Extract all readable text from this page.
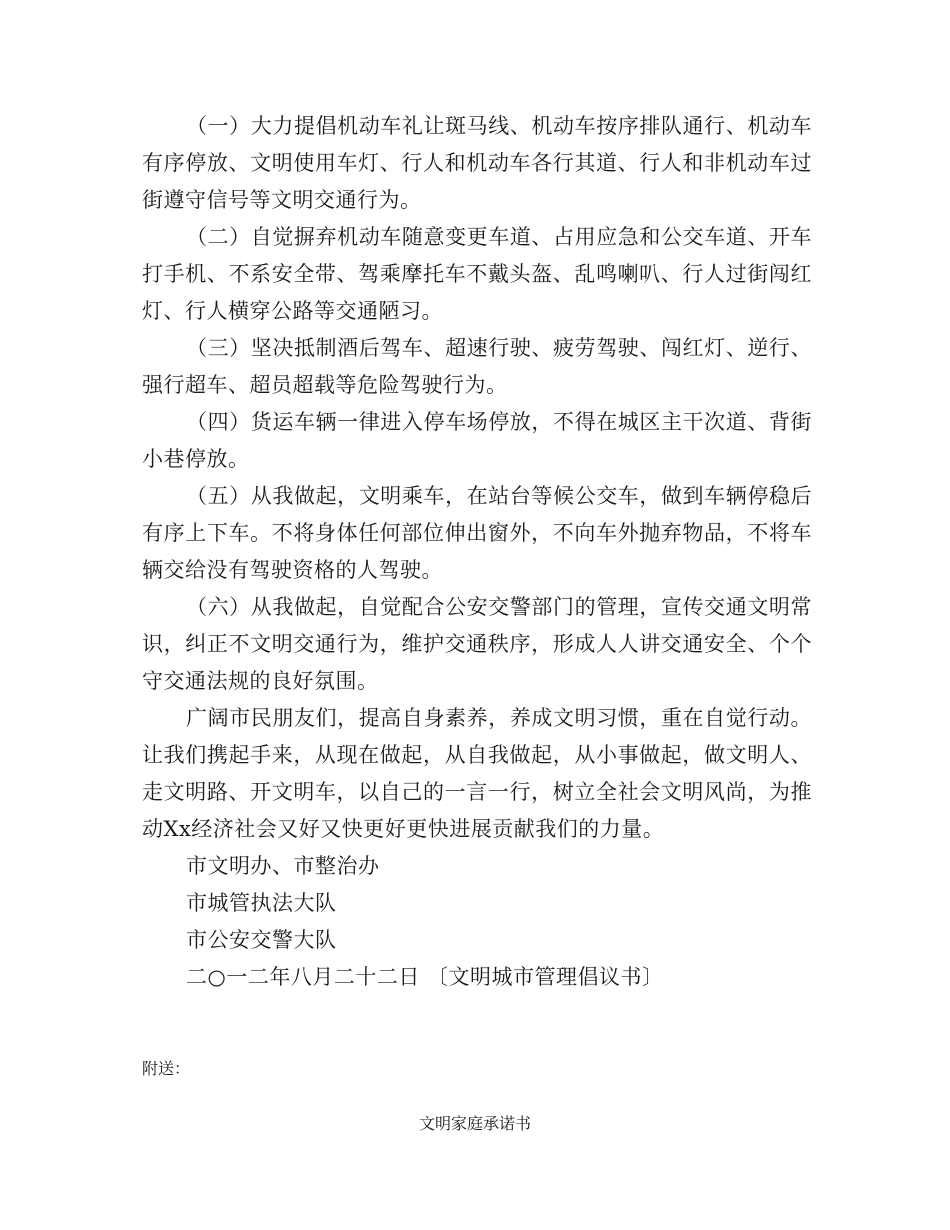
（一）大力提倡机动车礼让斑马线、机动车按序排队通行、机动车有序停放、文明使用车灯、行人和机动车各行其道、行人和非机动车过街遵守信号等文明交通行为。

（二）自觉摒弃机动车随意变更车道、占用应急和公交车道、开车打手机、不系安全带、驾乘摩托车不戴头盔、乱鸣喇叭、行人过街闯红灯、行人横穿公路等交通陋习。

（三）坚决抵制酒后驾车、超速行驶、疲劳驾驶、闯红灯、逆行、强行超车、超员超载等危险驾驶行为。

（四）货运车辆一律进入停车场停放，不得在城区主干次道、背街小巷停放。

（五）从我做起，文明乘车，在站台等候公交车，做到车辆停稳后有序上下车。不将身体任何部位伸出窗外，不向车外抛弃物品，不将车辆交给没有驾驶资格的人驾驶。

（六）从我做起，自觉配合公安交警部门的管理，宣传交通文明常识，纠正不文明交通行为，维护交通秩序，形成人人讲交通安全、个个守交通法规的良好氛围。

广阔市民朋友们，提高自身素养，养成文明习惯，重在自觉行动。让我们携起手来，从现在做起，从自我做起，从小事做起，做文明人、走文明路、开文明车，以自己的一言一行，树立全社会文明风尚，为推动Xx经济社会又好又快更好更快进展贡献我们的力量。

市文明办、市整治办

市城管执法大队

市公安交警大队

二○一二年八月二十二日 〔文明城市管理倡议书〕

附送：
文明家庭承诺书
